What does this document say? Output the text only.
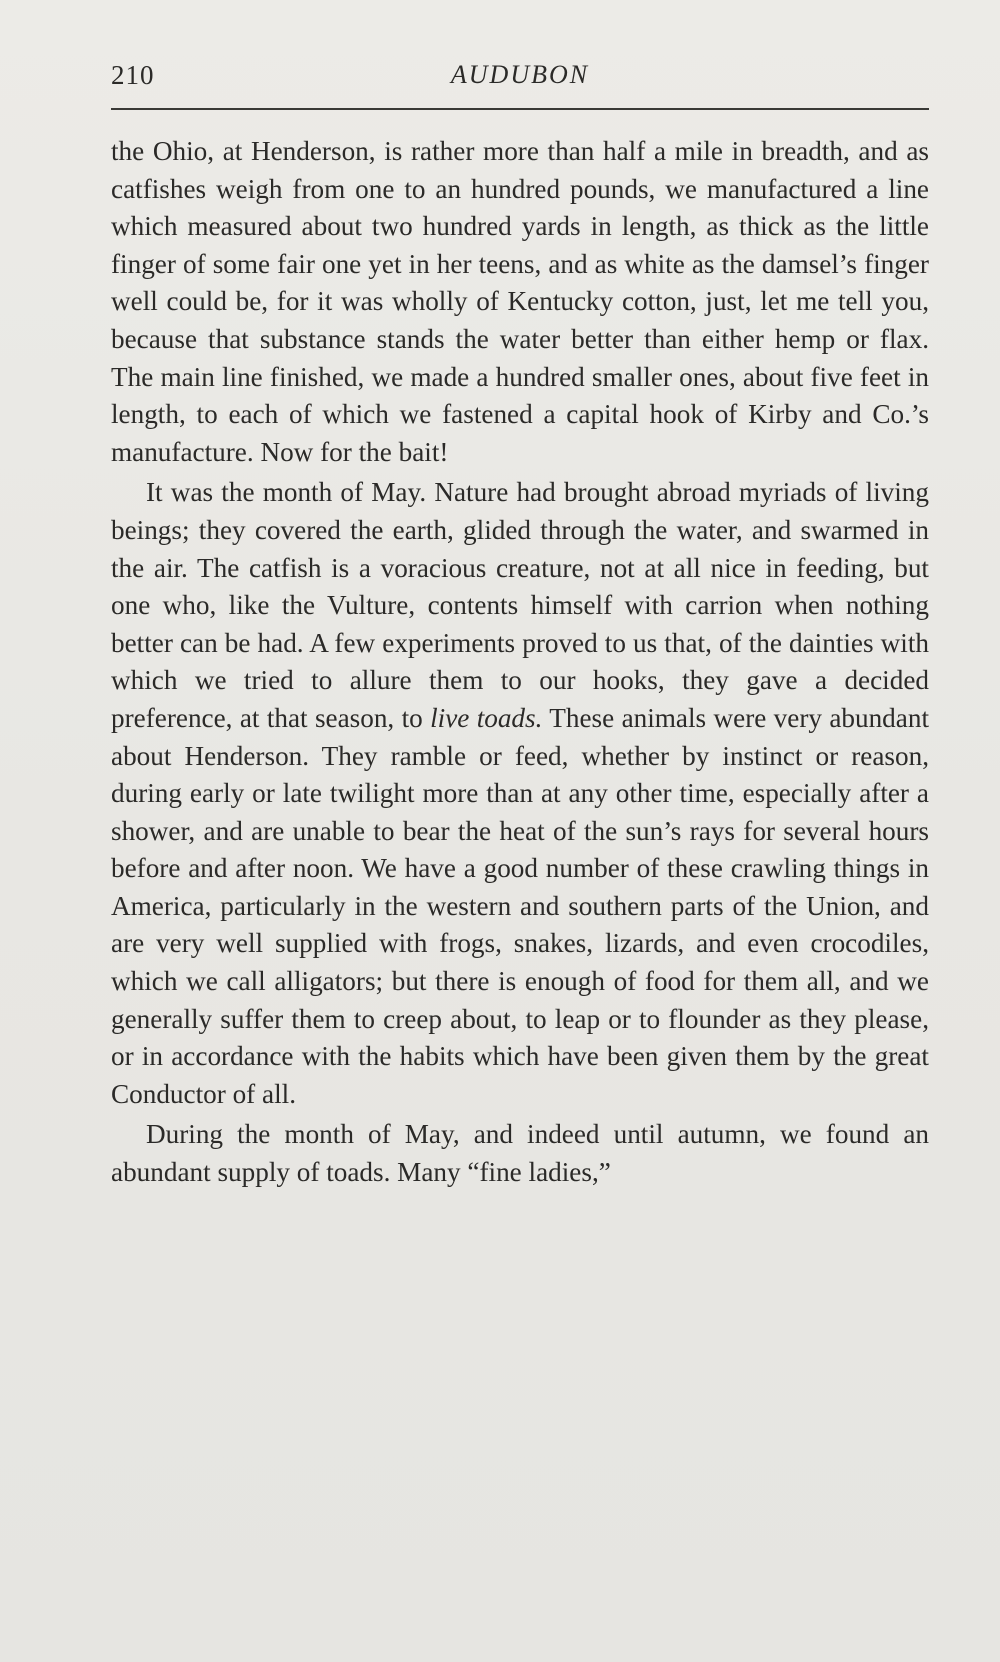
210	AUDUBON

the Ohio, at Henderson, is rather more than half a mile in breadth, and as catfishes weigh from one to an hundred pounds, we manufactured a line which measured about two hundred yards in length, as thick as the little finger of some fair one yet in her teens, and as white as the damsel’s finger well could be, for it was wholly of Kentucky cotton, just, let me tell you, because that substance stands the water better than either hemp or flax. The main line finished, we made a hundred smaller ones, about five feet in length, to each of which we fastened a capital hook of Kirby and Co.’s manufacture. Now for the bait!

It was the month of May. Nature had brought abroad myriads of living beings; they covered the earth, glided through the water, and swarmed in the air. The catfish is a voracious creature, not at all nice in feeding, but one who, like the Vulture, contents himself with carrion when nothing better can be had. A few experiments proved to us that, of the dainties with which we tried to allure them to our hooks, they gave a decided preference, at that season, to live toads. These animals were very abundant about Henderson. They ramble or feed, whether by instinct or reason, during early or late twilight more than at any other time, especially after a shower, and are unable to bear the heat of the sun’s rays for several hours before and after noon. We have a good number of these crawling things in America, particularly in the western and southern parts of the Union, and are very well supplied with frogs, snakes, lizards, and even crocodiles, which we call alligators; but there is enough of food for them all, and we generally suffer them to creep about, to leap or to flounder as they please, or in accordance with the habits which have been given them by the great Conductor of all.

During the month of May, and indeed until autumn, we found an abundant supply of toads. Many “fine ladies,”
